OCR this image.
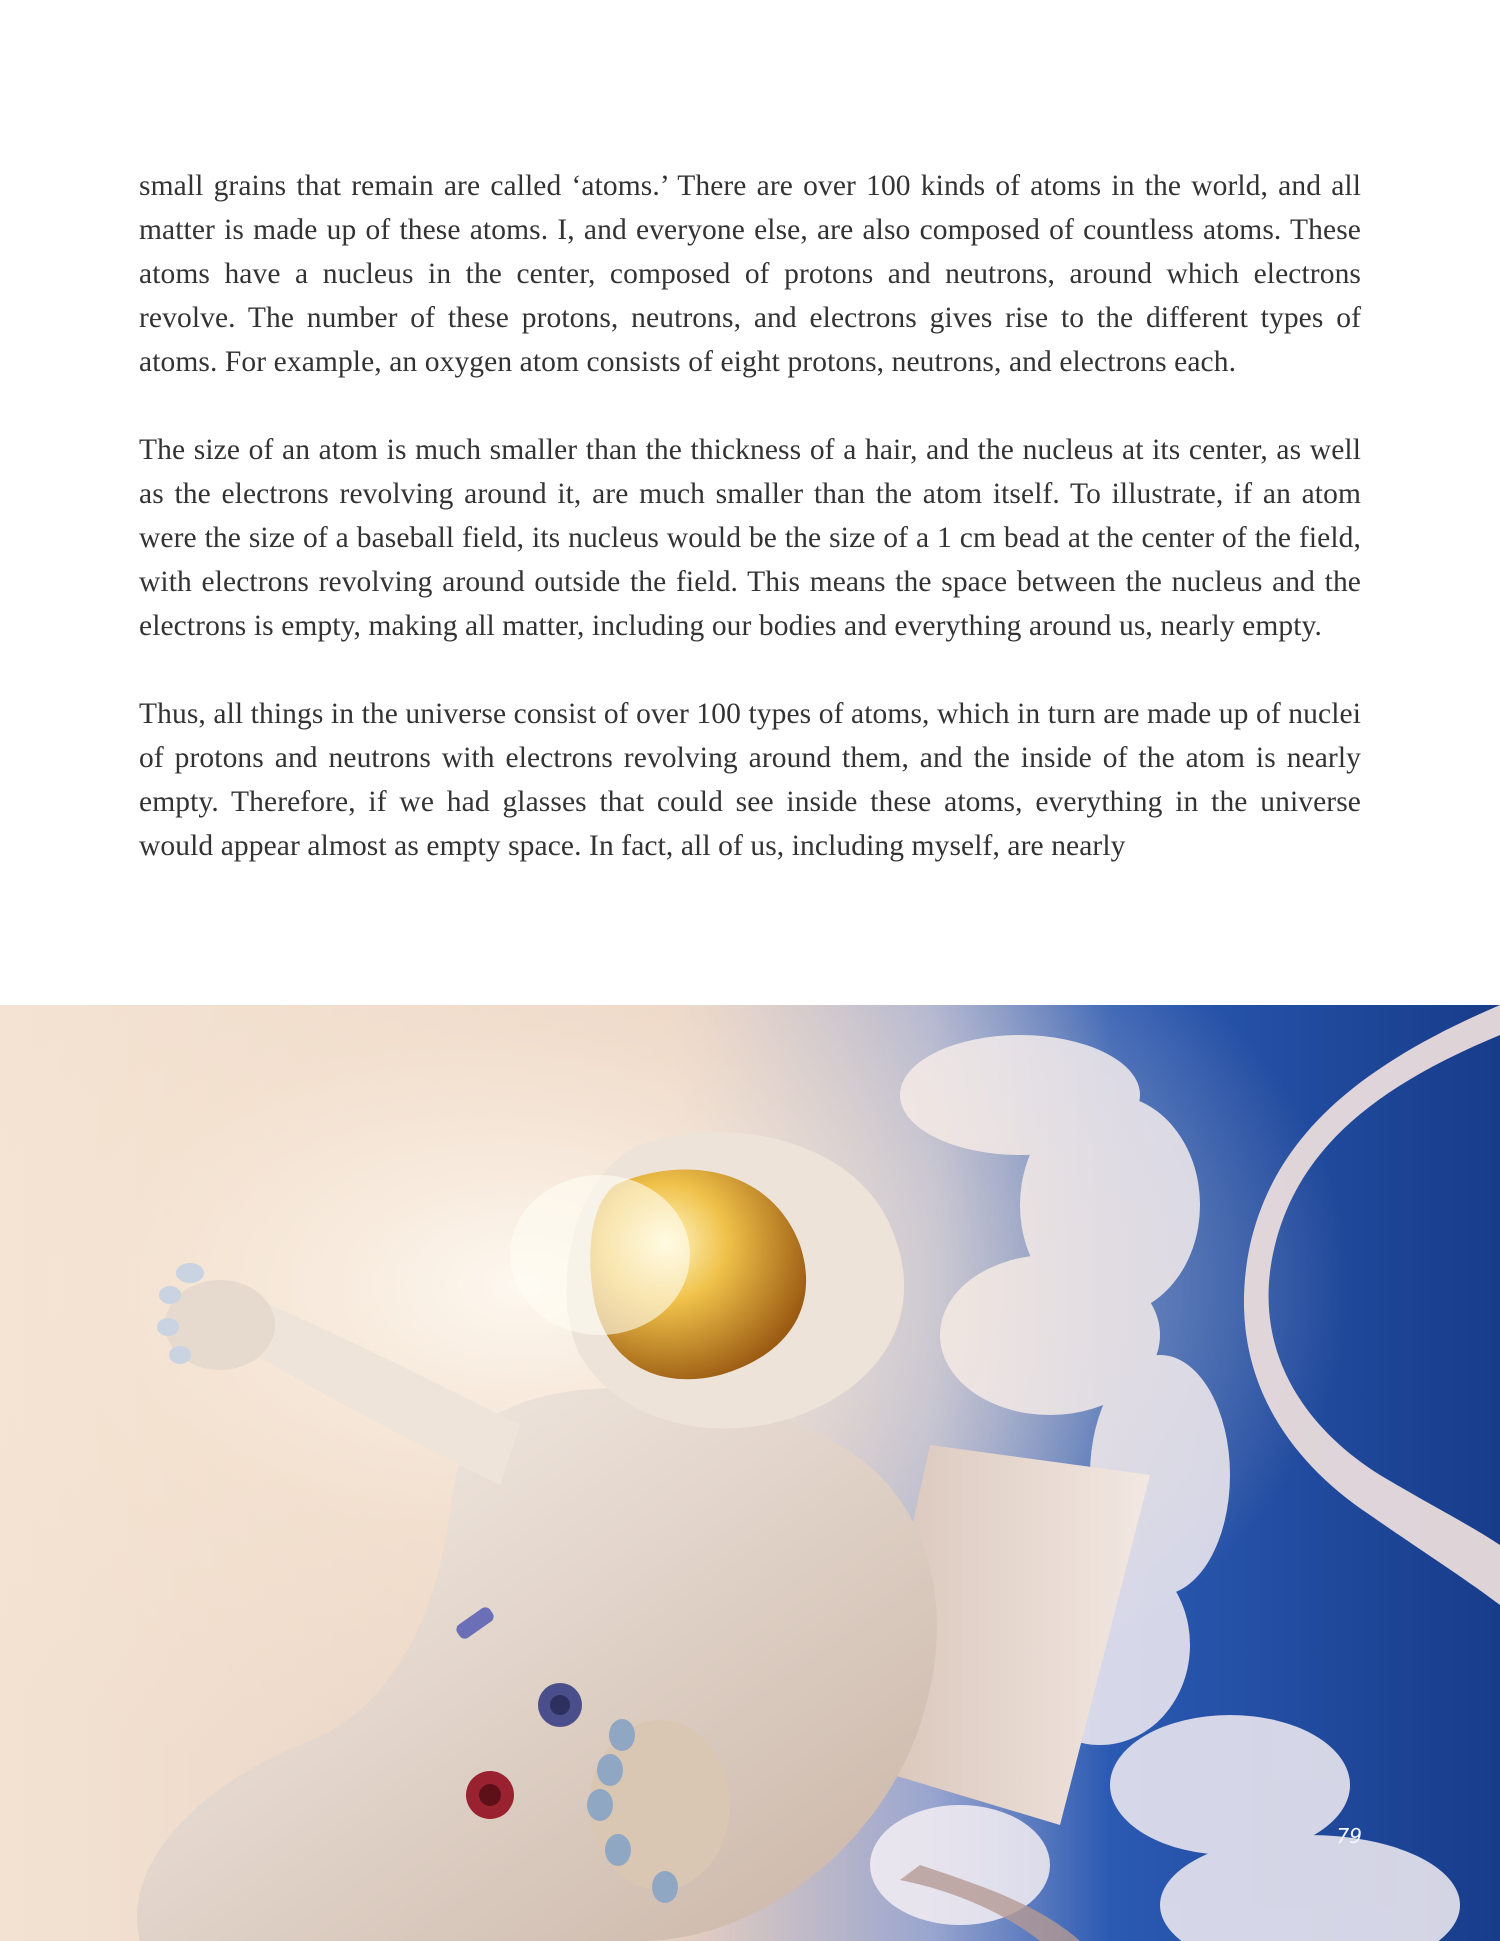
small grains that remain are called ‘atoms.’ There are over 100 kinds of atoms in the world, and all matter is made up of these atoms. I, and everyone else, are also composed of countless atoms. These atoms have a nucleus in the center, composed of protons and neutrons, around which electrons revolve. The number of these protons, neutrons, and electrons gives rise to the different types of atoms. For example, an oxygen atom consists of eight protons, neutrons, and electrons each.

The size of an atom is much smaller than the thickness of a hair, and the nucleus at its center, as well as the electrons revolving around it, are much smaller than the atom itself. To illustrate, if an atom were the size of a baseball field, its nucleus would be the size of a 1 cm bead at the center of the field, with electrons revolving around outside the field. This means the space between the nucleus and the electrons is empty, making all matter, including our bodies and everything around us, nearly empty.

Thus, all things in the universe consist of over 100 types of atoms, which in turn are made up of nuclei of protons and neutrons with electrons revolving around them, and the inside of the atom is nearly empty. Therefore, if we had glasses that could see inside these atoms, everything in the universe would appear almost as empty space. In fact, all of us, including myself, are nearly

79
